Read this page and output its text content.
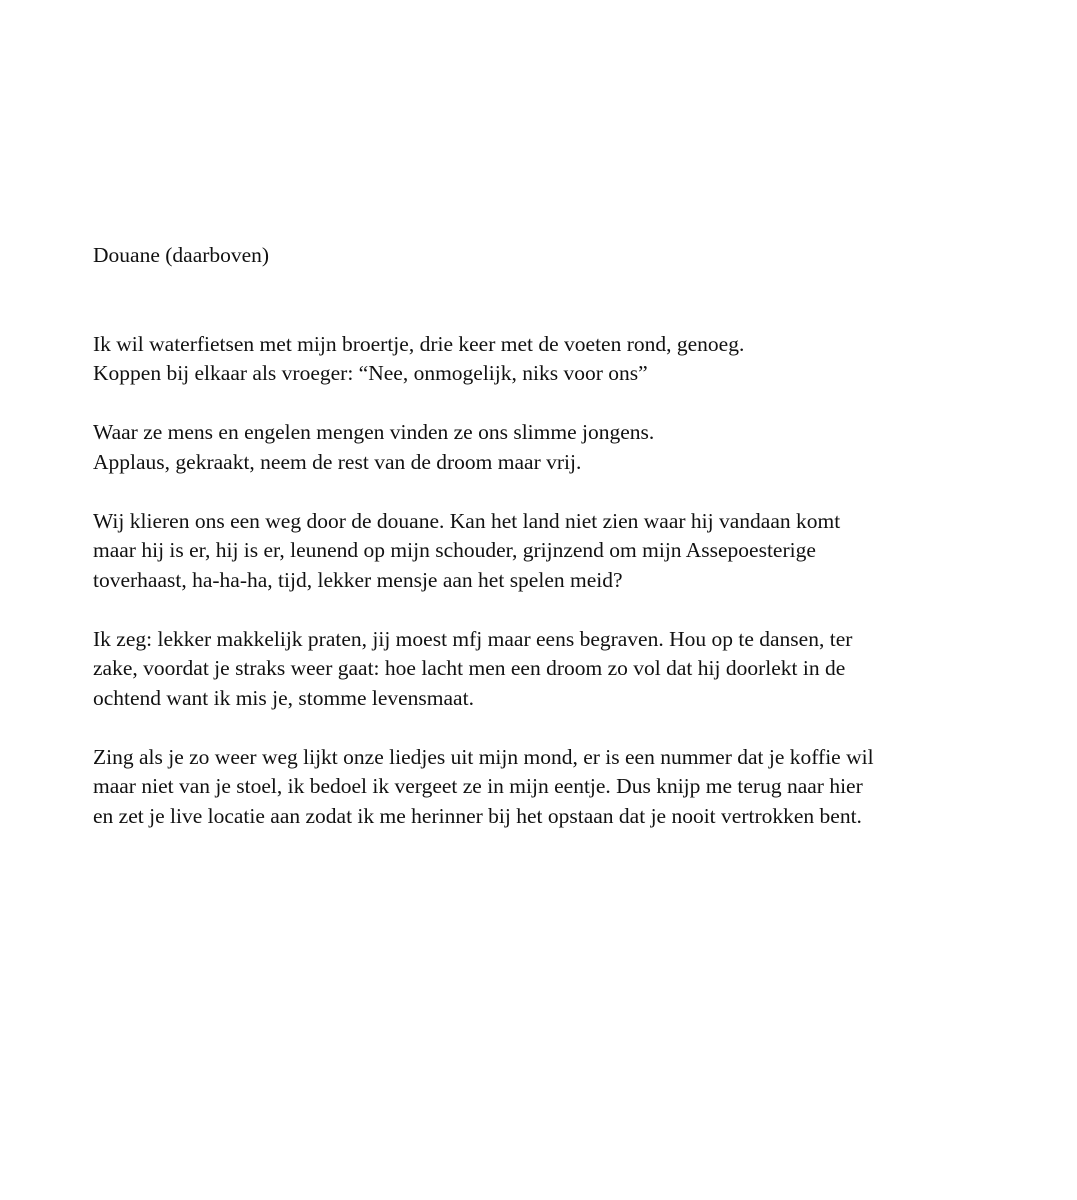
Douane (daarboven)

Ik wil waterfietsen met mijn broertje, drie keer met de voeten rond, genoeg.
Koppen bij elkaar als vroeger: “Nee, onmogelijk, niks voor ons”

Waar ze mens en engelen mengen vinden ze ons slimme jongens.
Applaus, gekraakt, neem de rest van de droom maar vrij.

Wij klieren ons een weg door de douane. Kan het land niet zien waar hij vandaan komt
maar hij is er, hij is er, leunend op mijn schouder, grijnzend om mijn Assepoesterige
toverhaast, ha-ha-ha, tijd, lekker mensje aan het spelen meid?

Ik zeg: lekker makkelijk praten, jij moest mfj maar eens begraven. Hou op te dansen, ter
zake, voordat je straks weer gaat: hoe lacht men een droom zo vol dat hij doorlekt in de
ochtend want ik mis je, stomme levensmaat.

Zing als je zo weer weg lijkt onze liedjes uit mijn mond, er is een nummer dat je koffie wil
maar niet van je stoel, ik bedoel ik vergeet ze in mijn eentje. Dus knijp me terug naar hier
en zet je live locatie aan zodat ik me herinner bij het opstaan dat je nooit vertrokken bent.
